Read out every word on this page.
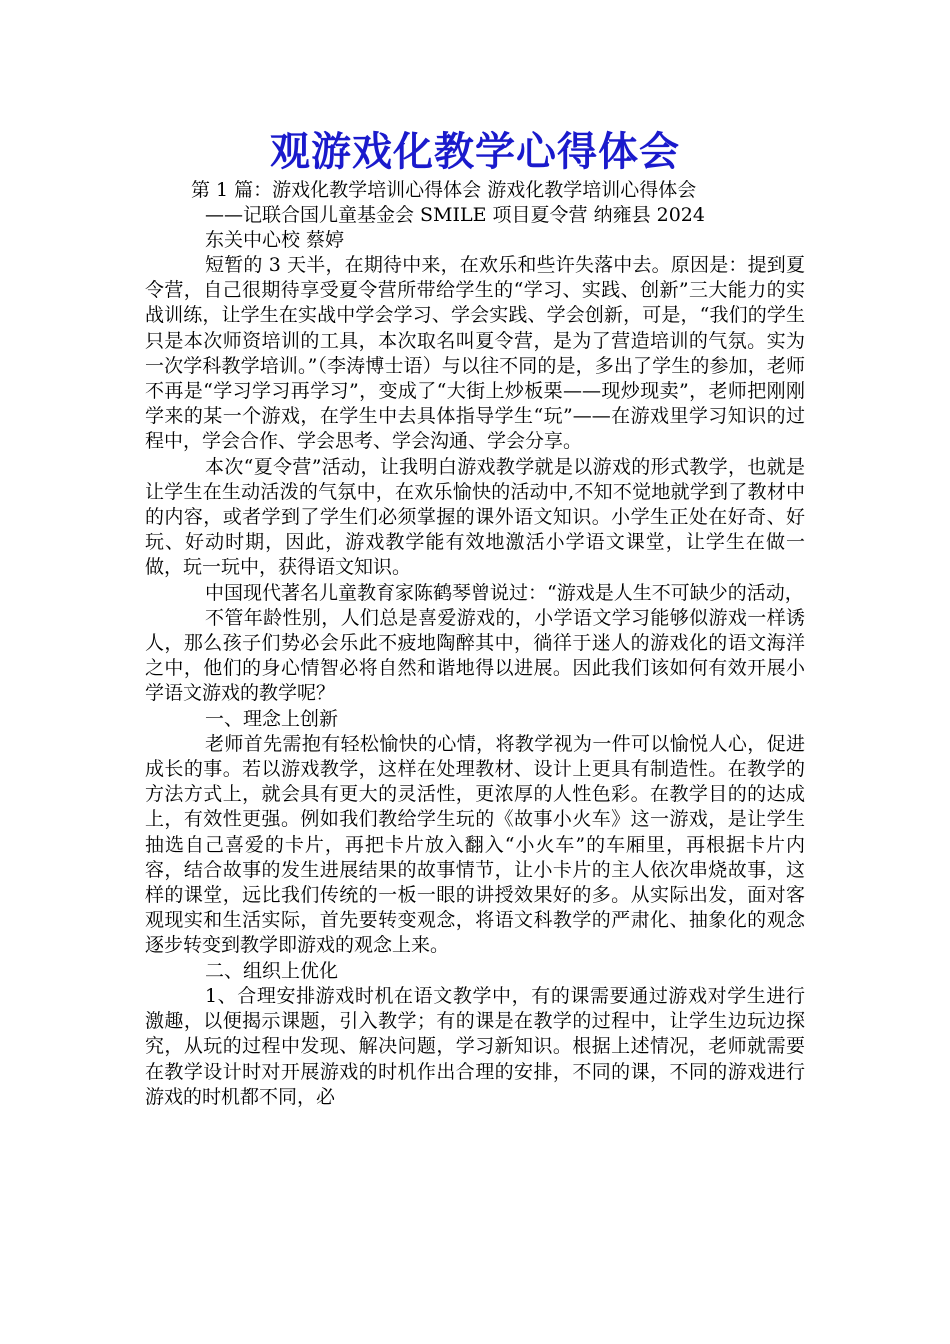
观游戏化教学心得体会

第 1 篇：游戏化教学培训心得体会 游戏化教学培训心得体会

——记联合国儿童基金会 SMILE 项目夏令营 纳雍县 2024

东关中心校 蔡婷

短暂的 3 天半，在期待中来，在欢乐和些许失落中去。原因是：提到夏令营，自己很期待享受夏令营所带给学生的“学习、实践、创新”三大能力的实战训练，让学生在实战中学会学习、学会实践、学会创新，可是，“我们的学生只是本次师资培训的工具，本次取名叫夏令营，是为了营造培训的气氛。实为一次学科教学培训。”（李涛博士语）与以往不同的是，多出了学生的参加，老师不再是“学习学习再学习”，变成了“大街上炒板栗——现炒现卖”，老师把刚刚学来的某一个游戏，在学生中去具体指导学生“玩”——在游戏里学习知识的过程中，学会合作、学会思考、学会沟通、学会分享。

本次“夏令营”活动，让我明白游戏教学就是以游戏的形式教学，也就是让学生在生动活泼的气氛中，在欢乐愉快的活动中,不知不觉地就学到了教材中的内容，或者学到了学生们必须掌握的课外语文知识。小学生正处在好奇、好玩、好动时期，因此，游戏教学能有效地激活小学语文课堂，让学生在做一做，玩一玩中，获得语文知识。

中国现代著名儿童教育家陈鹤琴曾说过：“游戏是人生不可缺少的活动，

不管年龄性别，人们总是喜爱游戏的，小学语文学习能够似游戏一样诱人，那么孩子们势必会乐此不疲地陶醉其中，徜徉于迷人的游戏化的语文海洋之中，他们的身心情智必将自然和谐地得以进展。因此我们该如何有效开展小学语文游戏的教学呢？

一、理念上创新

老师首先需抱有轻松愉快的心情，将教学视为一件可以愉悦人心，促进成长的事。若以游戏教学，这样在处理教材、设计上更具有制造性。在教学的方法方式上，就会具有更大的灵活性，更浓厚的人性色彩。在教学目的的达成上，有效性更强。例如我们教给学生玩的《故事小火车》这一游戏，是让学生抽选自己喜爱的卡片，再把卡片放入翻入“小火车”的车厢里，再根据卡片内容，结合故事的发生进展结果的故事情节，让小卡片的主人依次串烧故事，这样的课堂，远比我们传统的一板一眼的讲授效果好的多。从实际出发，面对客观现实和生活实际，首先要转变观念，将语文科教学的严肃化、抽象化的观念逐步转变到教学即游戏的观念上来。

二、组织上优化

1、合理安排游戏时机在语文教学中，有的课需要通过游戏对学生进行激趣，以便揭示课题，引入教学；有的课是在教学的过程中，让学生边玩边探究，从玩的过程中发现、解决问题，学习新知识。根据上述情况，老师就需要在教学设计时对开展游戏的时机作出合理的安排，不同的课，不同的游戏进行游戏的时机都不同，必
